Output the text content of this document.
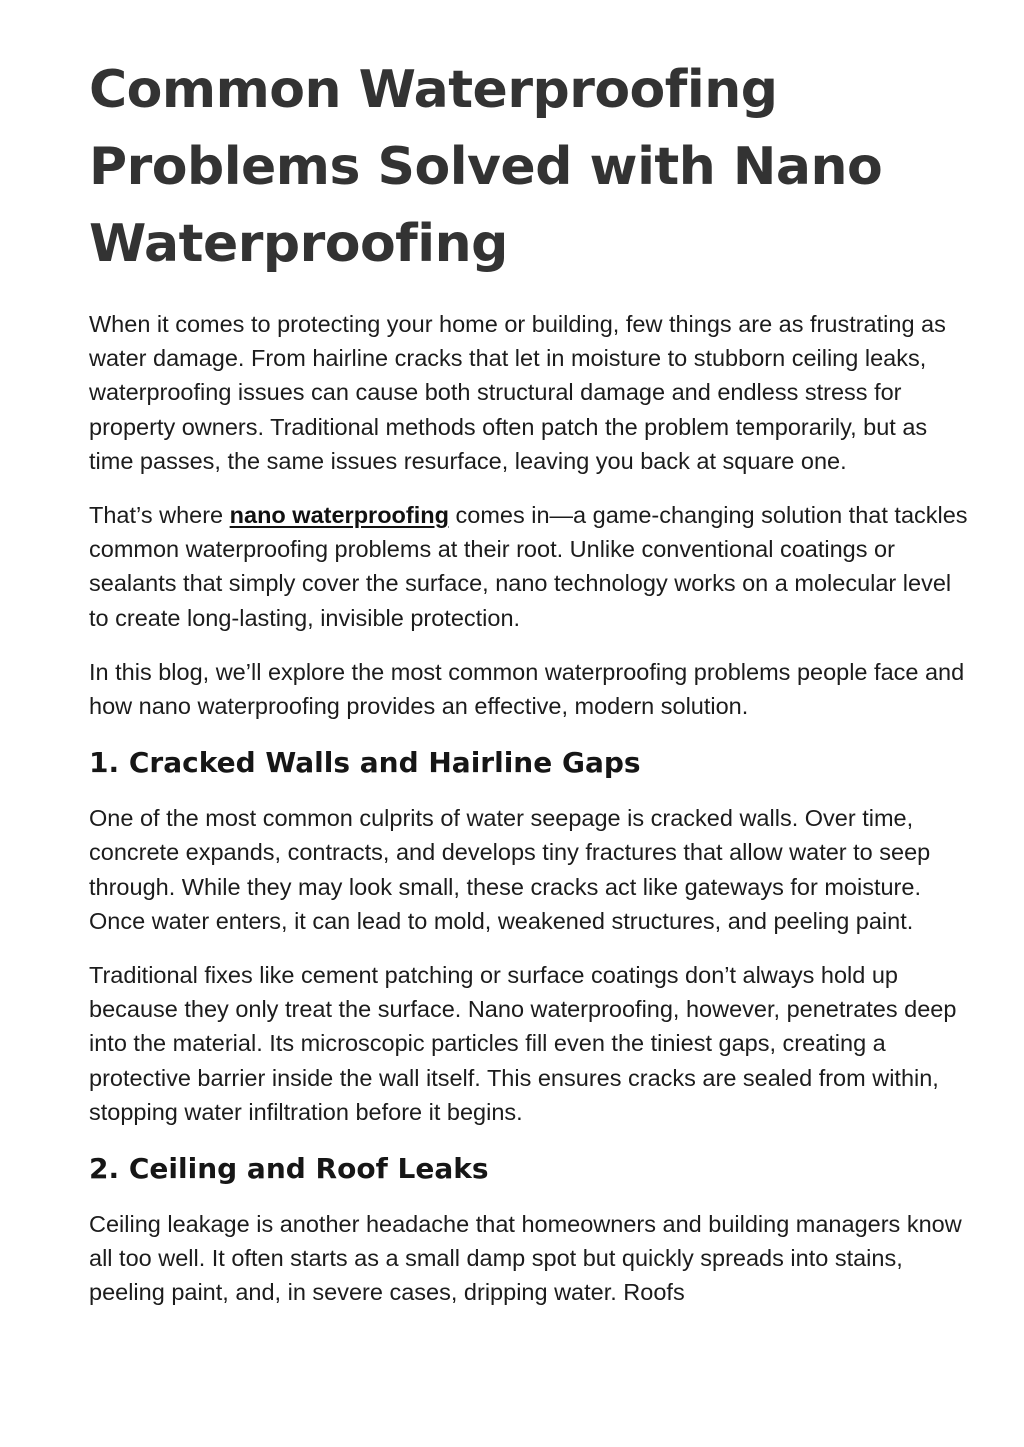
Common Waterproofing Problems Solved with Nano Waterproofing

When it comes to protecting your home or building, few things are as frustrating as water damage. From hairline cracks that let in moisture to stubborn ceiling leaks, waterproofing issues can cause both structural damage and endless stress for property owners. Traditional methods often patch the problem temporarily, but as time passes, the same issues resurface, leaving you back at square one.

That’s where nano waterproofing comes in—a game-changing solution that tackles common waterproofing problems at their root. Unlike conventional coatings or sealants that simply cover the surface, nano technology works on a molecular level to create long-lasting, invisible protection.

In this blog, we’ll explore the most common waterproofing problems people face and how nano waterproofing provides an effective, modern solution.

1. Cracked Walls and Hairline Gaps

One of the most common culprits of water seepage is cracked walls. Over time, concrete expands, contracts, and develops tiny fractures that allow water to seep through. While they may look small, these cracks act like gateways for moisture. Once water enters, it can lead to mold, weakened structures, and peeling paint.

Traditional fixes like cement patching or surface coatings don’t always hold up because they only treat the surface. Nano waterproofing, however, penetrates deep into the material. Its microscopic particles fill even the tiniest gaps, creating a protective barrier inside the wall itself. This ensures cracks are sealed from within, stopping water infiltration before it begins.

2. Ceiling and Roof Leaks

Ceiling leakage is another headache that homeowners and building managers know all too well. It often starts as a small damp spot but quickly spreads into stains, peeling paint, and, in severe cases, dripping water. Roofs
